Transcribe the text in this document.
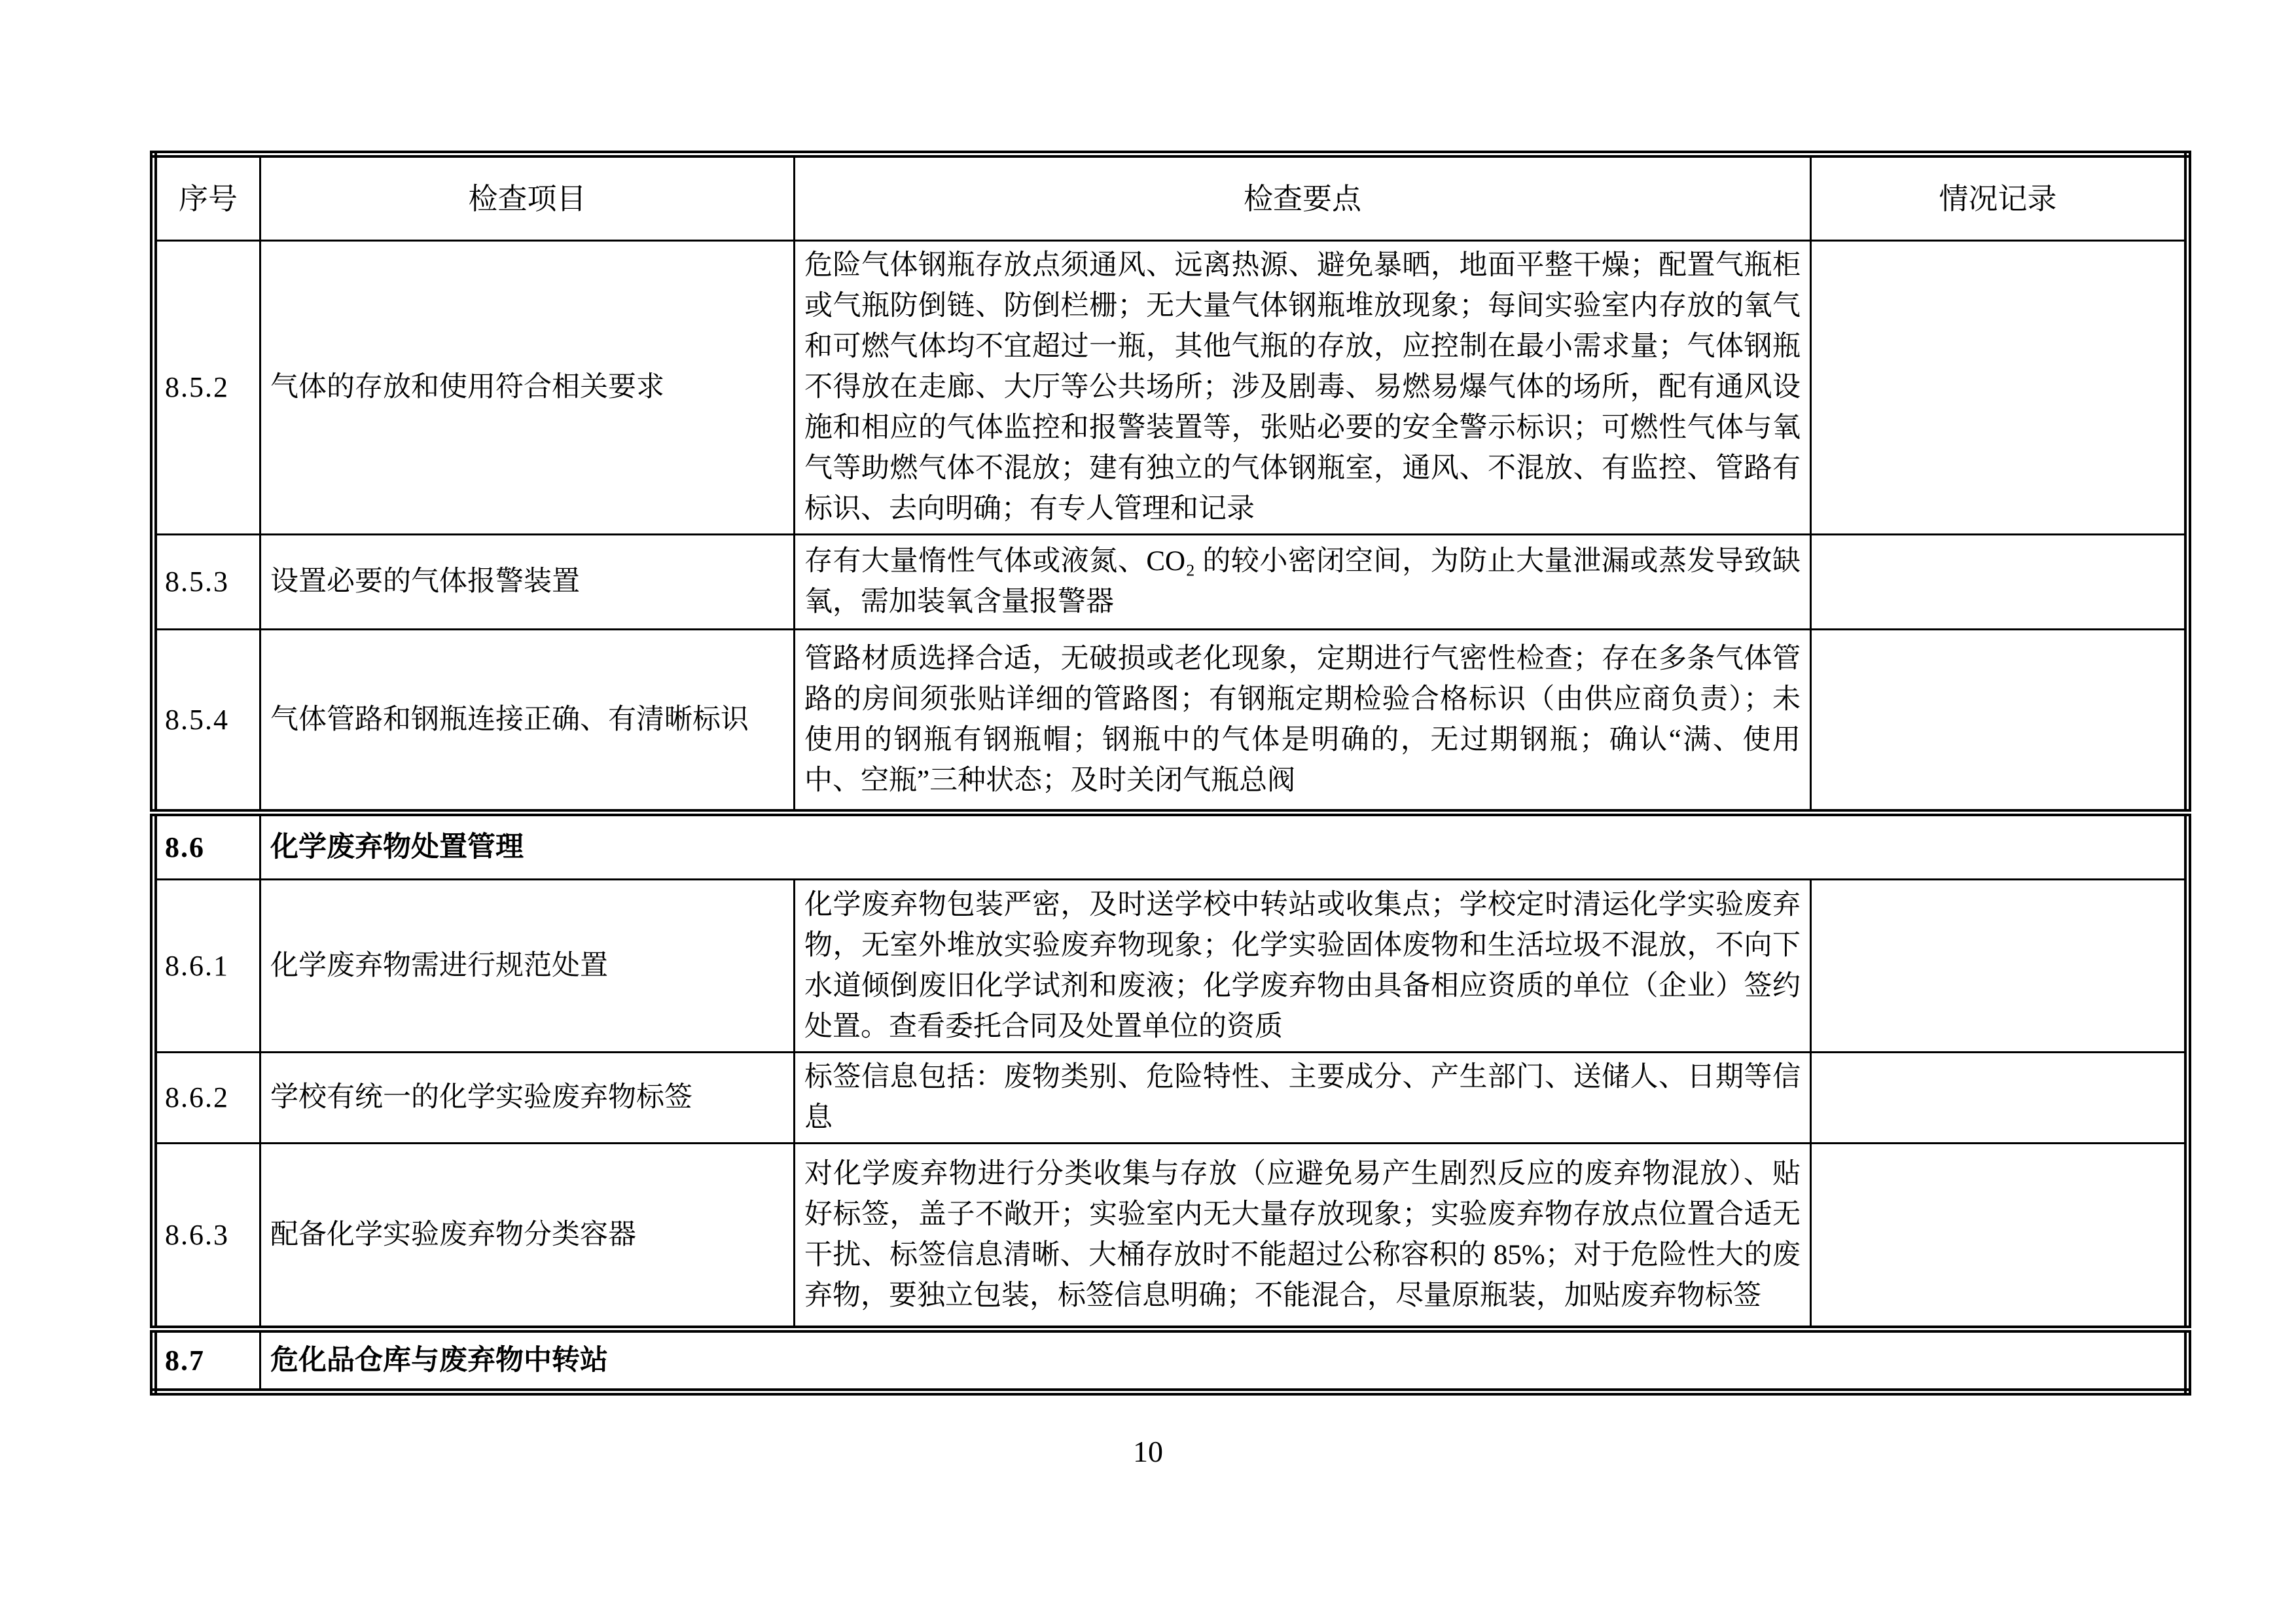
序号	检查项目	检查要点	情况记录
8.5.2	气体的存放和使用符合相关要求	危险气体钢瓶存放点须通风、远离热源、避免暴晒，地面平整干燥；配置气瓶柜或气瓶防倒链、防倒栏栅；无大量气体钢瓶堆放现象；每间实验室内存放的氧气和可燃气体均不宜超过一瓶，其他气瓶的存放，应控制在最小需求量；气体钢瓶不得放在走廊、大厅等公共场所；涉及剧毒、易燃易爆气体的场所，配有通风设施和相应的气体监控和报警装置等，张贴必要的安全警示标识；可燃性气体与氧气等助燃气体不混放；建有独立的气体钢瓶室，通风、不混放、有监控、管路有标识、去向明确；有专人管理和记录	
8.5.3	设置必要的气体报警装置	存有大量惰性气体或液氮、CO₂ 的较小密闭空间，为防止大量泄漏或蒸发导致缺氧，需加装氧含量报警器	
8.5.4	气体管路和钢瓶连接正确、有清晰标识	管路材质选择合适，无破损或老化现象，定期进行气密性检查；存在多条气体管路的房间须张贴详细的管路图；有钢瓶定期检验合格标识（由供应商负责）；未使用的钢瓶有钢瓶帽；钢瓶中的气体是明确的，无过期钢瓶；确认“满、使用中、空瓶”三种状态；及时关闭气瓶总阀	
8.6	化学废弃物处置管理		
8.6.1	化学废弃物需进行规范处置	化学废弃物包装严密，及时送学校中转站或收集点；学校定时清运化学实验废弃物，无室外堆放实验废弃物现象；化学实验固体废物和生活垃圾不混放，不向下水道倾倒废旧化学试剂和废液；化学废弃物由具备相应资质的单位（企业）签约处置。查看委托合同及处置单位的资质	
8.6.2	学校有统一的化学实验废弃物标签	标签信息包括：废物类别、危险特性、主要成分、产生部门、送储人、日期等信息	
8.6.3	配备化学实验废弃物分类容器	对化学废弃物进行分类收集与存放（应避免易产生剧烈反应的废弃物混放）、贴好标签，盖子不敞开；实验室内无大量存放现象；实验废弃物存放点位置合适无干扰、标签信息清晰、大桶存放时不能超过公称容积的 85%；对于危险性大的废弃物，要独立包装，标签信息明确；不能混合，尽量原瓶装，加贴废弃物标签	
8.7	危化品仓库与废弃物中转站		
10
